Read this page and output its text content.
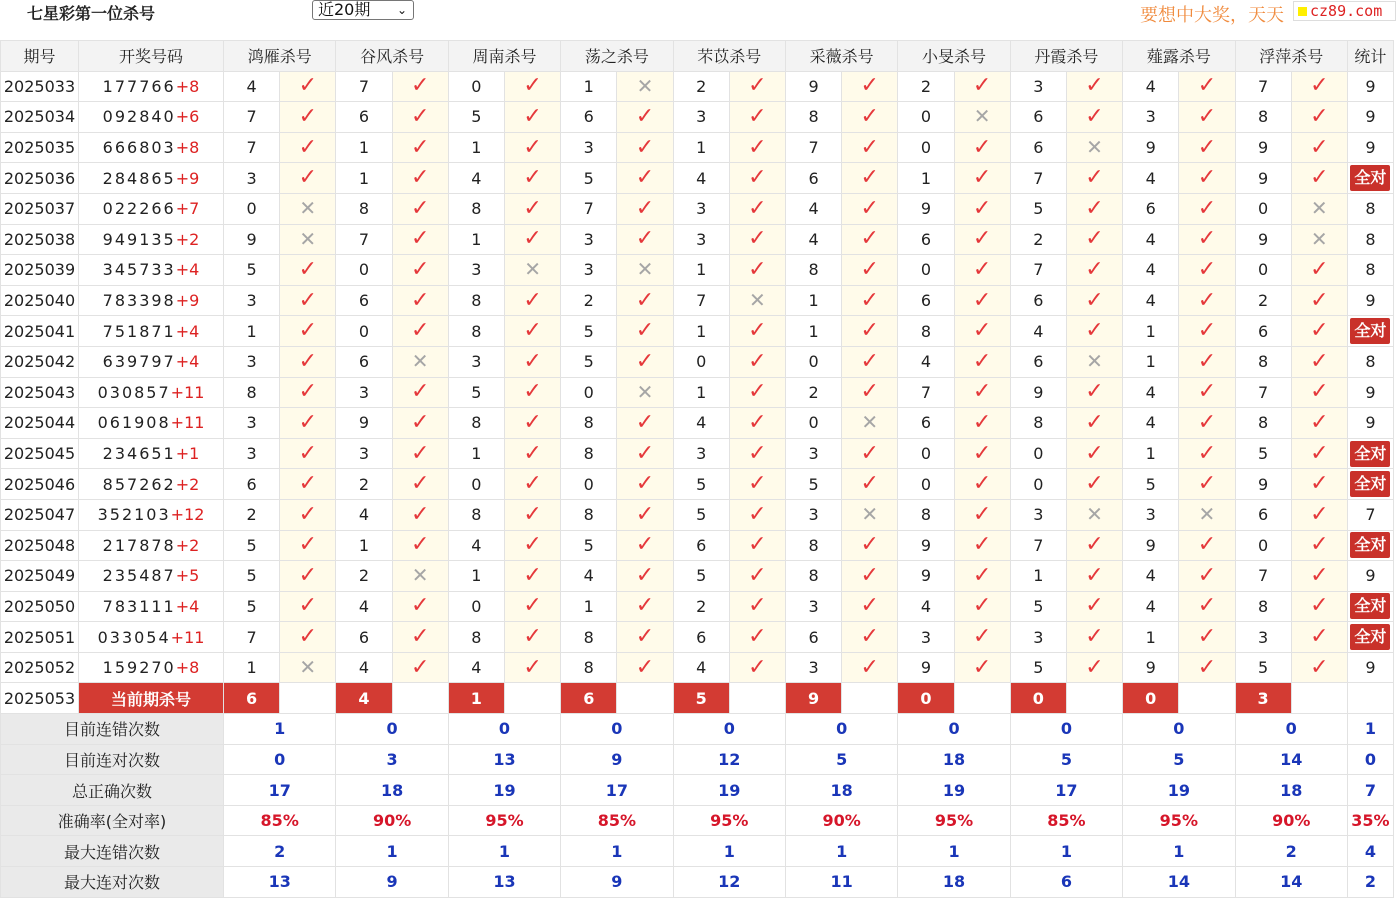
七星彩第一位杀号	近20期 ⌄	要想中大奖，天天	cz89.com
期号	开奖号码	鸿雁杀号		谷风杀号		周南杀号		荡之杀号		芣苡杀号		采薇杀号		小旻杀号		丹霞杀号		薤露杀号		浮萍杀号		统计
2025033	177766+8	4	✓	7	✓	0	✓	1	✕	2	✓	9	✓	2	✓	3	✓	4	✓	7	✓	9
2025034	092840+6	7	✓	6	✓	5	✓	6	✓	3	✓	8	✓	0	✕	6	✓	3	✓	8	✓	9
2025035	666803+8	7	✓	1	✓	1	✓	3	✓	1	✓	7	✓	0	✓	6	✕	9	✓	9	✓	9
2025036	284865+9	3	✓	1	✓	4	✓	5	✓	4	✓	6	✓	1	✓	7	✓	4	✓	9	✓	全对
2025037	022266+7	0	✕	8	✓	8	✓	7	✓	3	✓	4	✓	9	✓	5	✓	6	✓	0	✕	8
2025038	949135+2	9	✕	7	✓	1	✓	3	✓	3	✓	4	✓	6	✓	2	✓	4	✓	9	✕	8
2025039	345733+4	5	✓	0	✓	3	✕	3	✕	1	✓	8	✓	0	✓	7	✓	4	✓	0	✓	8
2025040	783398+9	3	✓	6	✓	8	✓	2	✓	7	✕	1	✓	6	✓	6	✓	4	✓	2	✓	9
2025041	751871+4	1	✓	0	✓	8	✓	5	✓	1	✓	1	✓	8	✓	4	✓	1	✓	6	✓	全对
2025042	639797+4	3	✓	6	✕	3	✓	5	✓	0	✓	0	✓	4	✓	6	✕	1	✓	8	✓	8
2025043	030857+11	8	✓	3	✓	5	✓	0	✕	1	✓	2	✓	7	✓	9	✓	4	✓	7	✓	9
2025044	061908+11	3	✓	9	✓	8	✓	8	✓	4	✓	0	✕	6	✓	8	✓	4	✓	8	✓	9
2025045	234651+1	3	✓	3	✓	1	✓	8	✓	3	✓	3	✓	0	✓	0	✓	1	✓	5	✓	全对
2025046	857262+2	6	✓	2	✓	0	✓	0	✓	5	✓	5	✓	0	✓	0	✓	5	✓	9	✓	全对
2025047	352103+12	2	✓	4	✓	8	✓	8	✓	5	✓	3	✕	8	✓	3	✕	3	✕	6	✓	7
2025048	217878+2	5	✓	1	✓	4	✓	5	✓	6	✓	8	✓	9	✓	7	✓	9	✓	0	✓	全对
2025049	235487+5	5	✓	2	✕	1	✓	4	✓	5	✓	8	✓	9	✓	1	✓	4	✓	7	✓	9
2025050	783111+4	5	✓	4	✓	0	✓	1	✓	2	✓	3	✓	4	✓	5	✓	4	✓	8	✓	全对
2025051	033054+11	7	✓	6	✓	8	✓	8	✓	6	✓	6	✓	3	✓	3	✓	1	✓	3	✓	全对
2025052	159270+8	1	✕	4	✓	4	✓	8	✓	4	✓	3	✓	9	✓	5	✓	9	✓	5	✓	9
2025053	当前期杀号	6		4		1		6		5		9		0		0		0		3		
目前连错次数		1		0		0		0		0		0		0		0		0		0		1
目前连对次数		0		3		13		9		12		5		18		5		5		14		0
总正确次数		17		18		19		17		19		18		19		17		19		18		7
准确率(全对率)		85%		90%		95%		85%		95%		90%		95%		85%		95%		90%		35%
最大连错次数		2		1		1		1		1		1		1		1		1		2		4
最大连对次数		13		9		13		9		12		11		18		6		14		14		2
